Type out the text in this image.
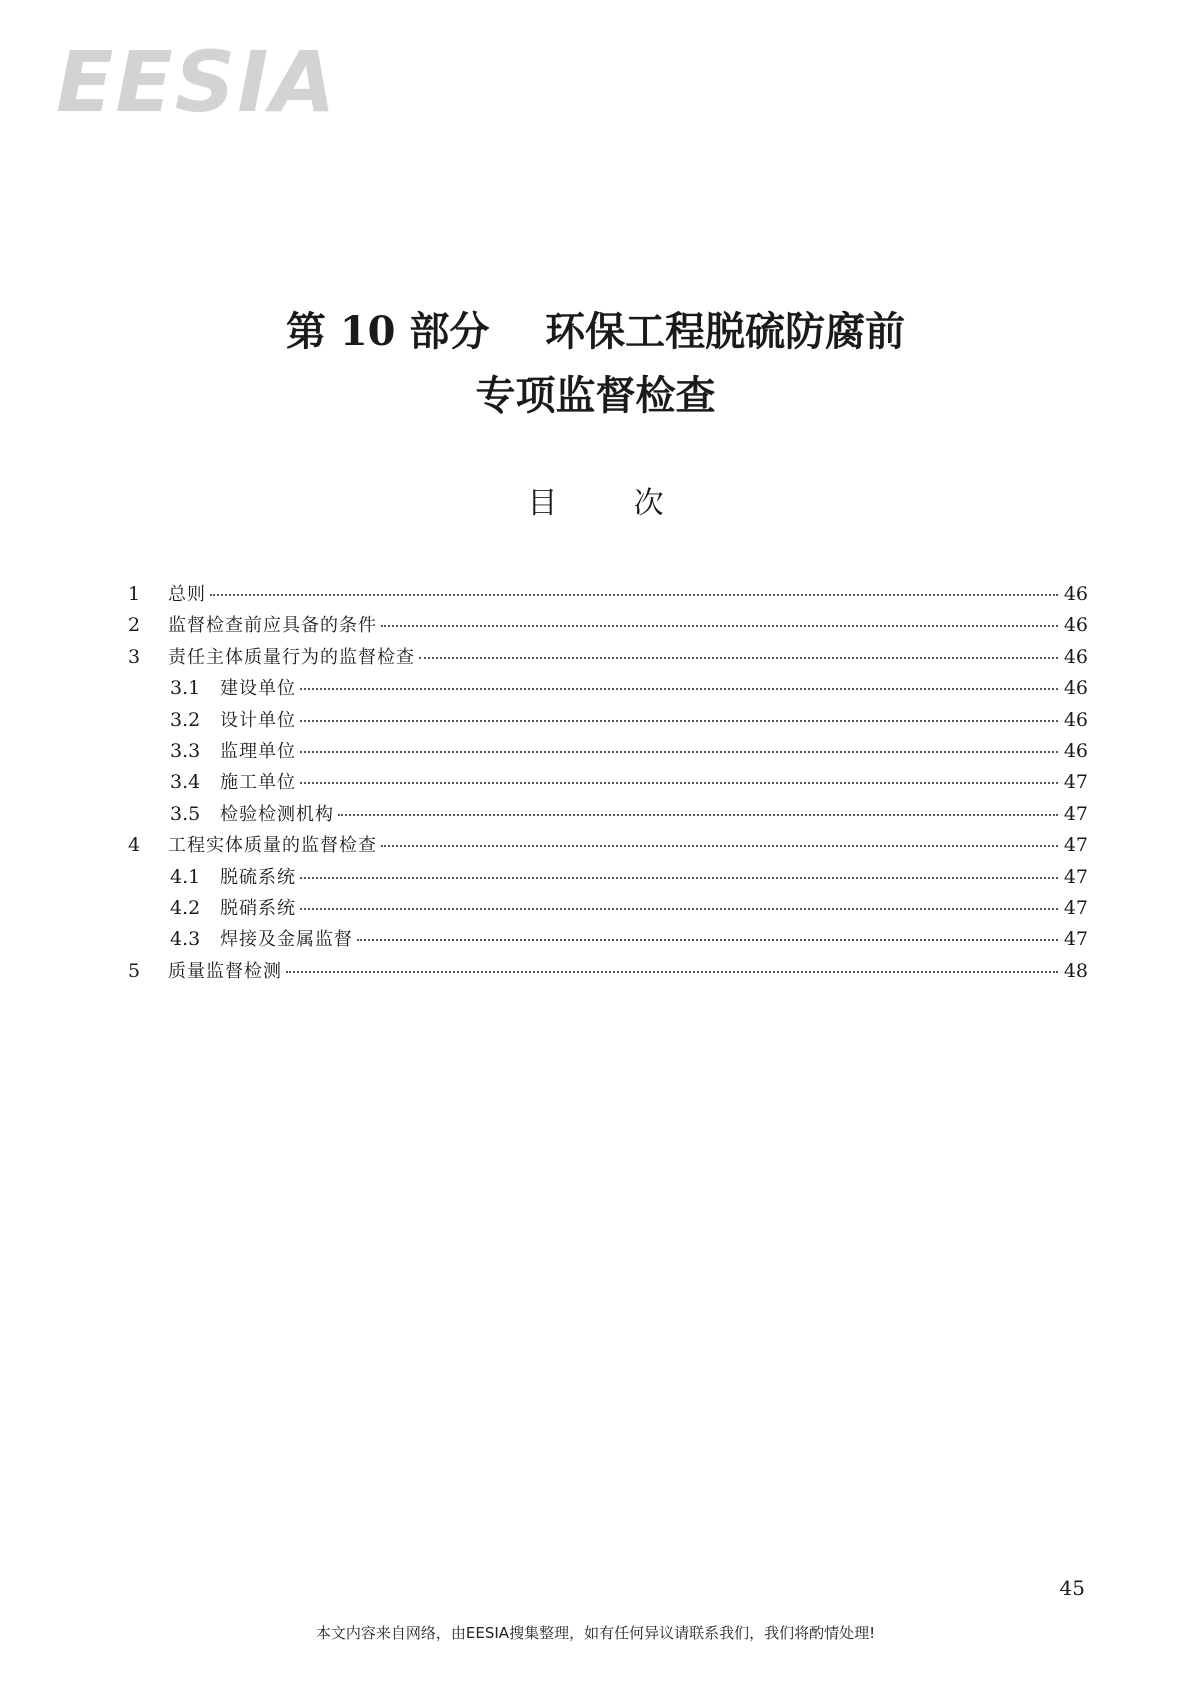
EESIA
第 10 部分    环保工程脱硫防腐前
专项监督检查
目        次
1	总则	46
2	监督检查前应具备的条件	46
3	责任主体质量行为的监督检查	46
3.1	建设单位	46
3.2	设计单位	46
3.3	监理单位	46
3.4	施工单位	47
3.5	检验检测机构	47
4	工程实体质量的监督检查	47
4.1	脱硫系统	47
4.2	脱硝系统	47
4.3	焊接及金属监督	47
5	质量监督检测	48
45
本文内容来自网络，由EESIA搜集整理，如有任何异议请联系我们，我们将酌情处理!
